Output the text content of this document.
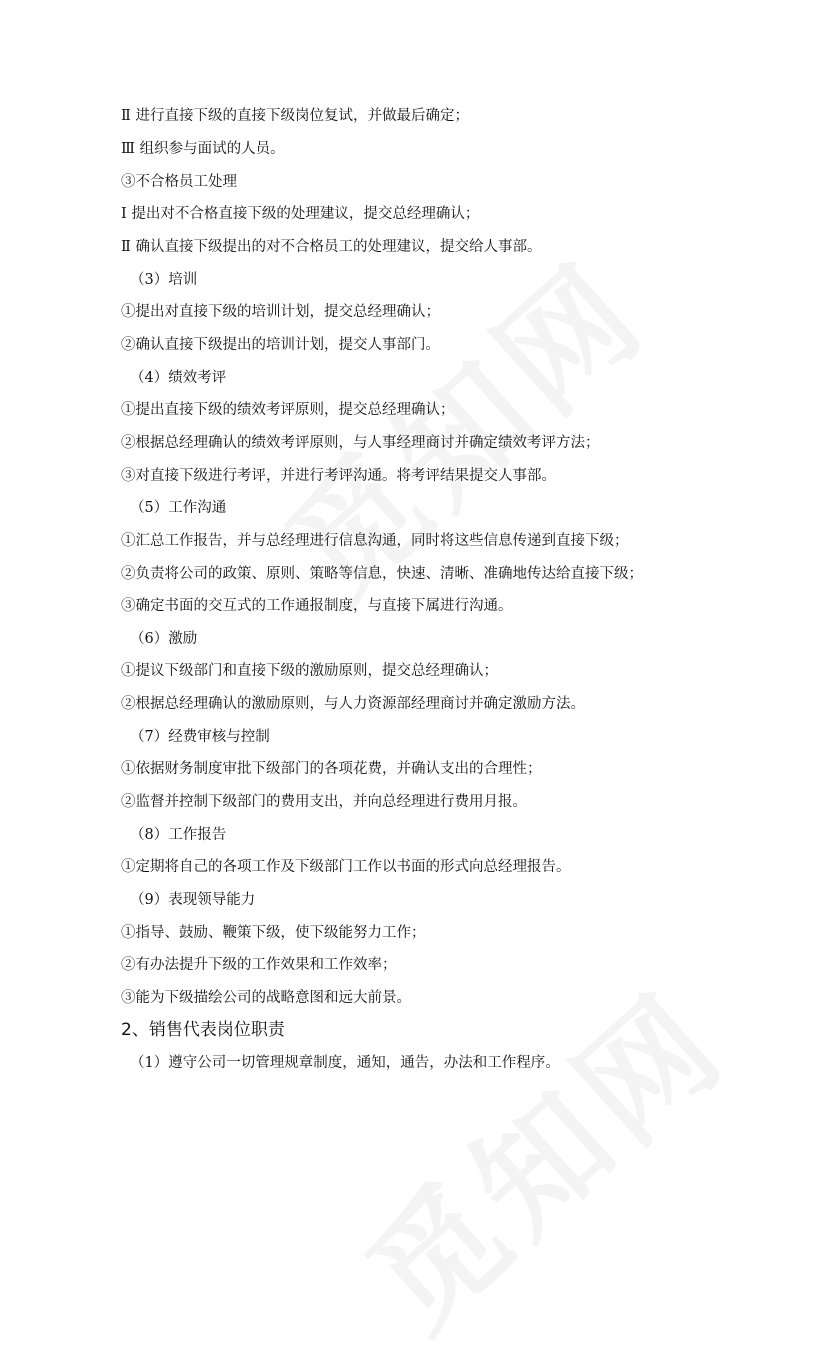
Ⅱ 进行直接下级的直接下级岗位复试，并做最后确定；
Ⅲ 组织参与面试的人员。
③不合格员工处理
Ⅰ 提出对不合格直接下级的处理建议，提交总经理确认；
Ⅱ 确认直接下级提出的对不合格员工的处理建议，提交给人事部。
（3）培训
①提出对直接下级的培训计划，提交总经理确认；
②确认直接下级提出的培训计划，提交人事部门。
（4）绩效考评
①提出直接下级的绩效考评原则，提交总经理确认；
②根据总经理确认的绩效考评原则，与人事经理商讨并确定绩效考评方法；
③对直接下级进行考评，并进行考评沟通。将考评结果提交人事部。
（5）工作沟通
①汇总工作报告，并与总经理进行信息沟通，同时将这些信息传递到直接下级；
②负责将公司的政策、原则、策略等信息，快速、清晰、准确地传达给直接下级；
③确定书面的交互式的工作通报制度，与直接下属进行沟通。
（6）激励
①提议下级部门和直接下级的激励原则，提交总经理确认；
②根据总经理确认的激励原则，与人力资源部经理商讨并确定激励方法。
（7）经费审核与控制
①依据财务制度审批下级部门的各项花费，并确认支出的合理性；
②监督并控制下级部门的费用支出，并向总经理进行费用月报。
（8）工作报告
①定期将自己的各项工作及下级部门工作以书面的形式向总经理报告。
（9）表现领导能力
①指导、鼓励、鞭策下级，使下级能努力工作；
②有办法提升下级的工作效果和工作效率；
③能为下级描绘公司的战略意图和远大前景。
2、销售代表岗位职责
（1）遵守公司一切管理规章制度，通知，通告，办法和工作程序。
